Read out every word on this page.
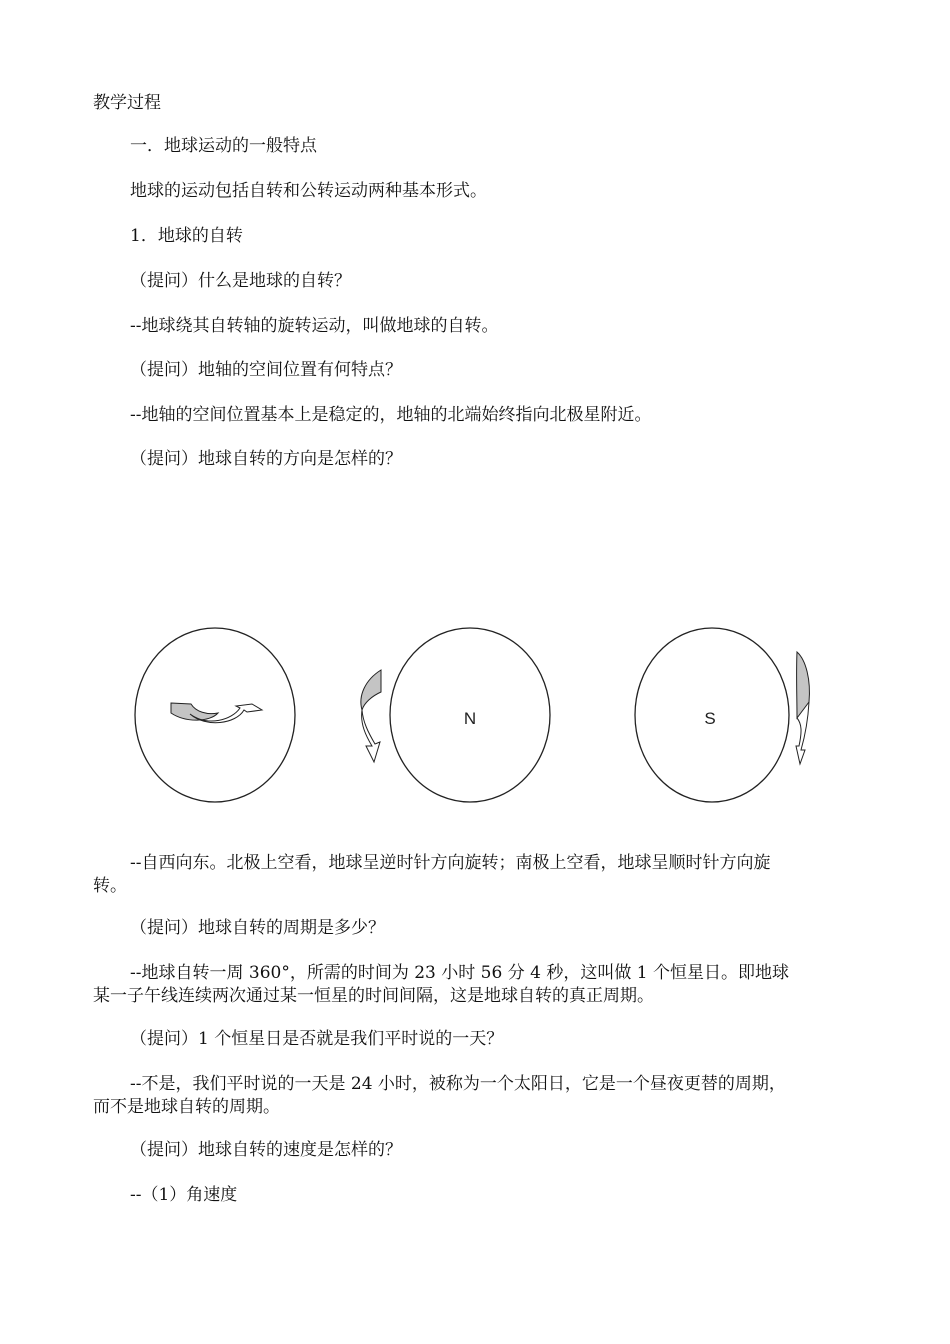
教学过程

一．地球运动的一般特点

地球的运动包括自转和公转运动两种基本形式。

1．地球的自转

（提问）什么是地球的自转？

--地球绕其自转轴的旋转运动，叫做地球的自转。

（提问）地轴的空间位置有何特点？

--地轴的空间位置基本上是稳定的，地轴的北端始终指向北极星附近。

（提问）地球自转的方向是怎样的？

N	S

--自西向东。北极上空看，地球呈逆时针方向旋转；南极上空看，地球呈顺时针方向旋

转。

（提问）地球自转的周期是多少？

--地球自转一周 360°，所需的时间为 23 小时 56 分 4 秒，这叫做 1 个恒星日。即地球

某一子午线连续两次通过某一恒星的时间间隔，这是地球自转的真正周期。

（提问）1 个恒星日是否就是我们平时说的一天？

--不是，我们平时说的一天是 24 小时，被称为一个太阳日，它是一个昼夜更替的周期，

而不是地球自转的周期。

（提问）地球自转的速度是怎样的？

--（1）角速度
